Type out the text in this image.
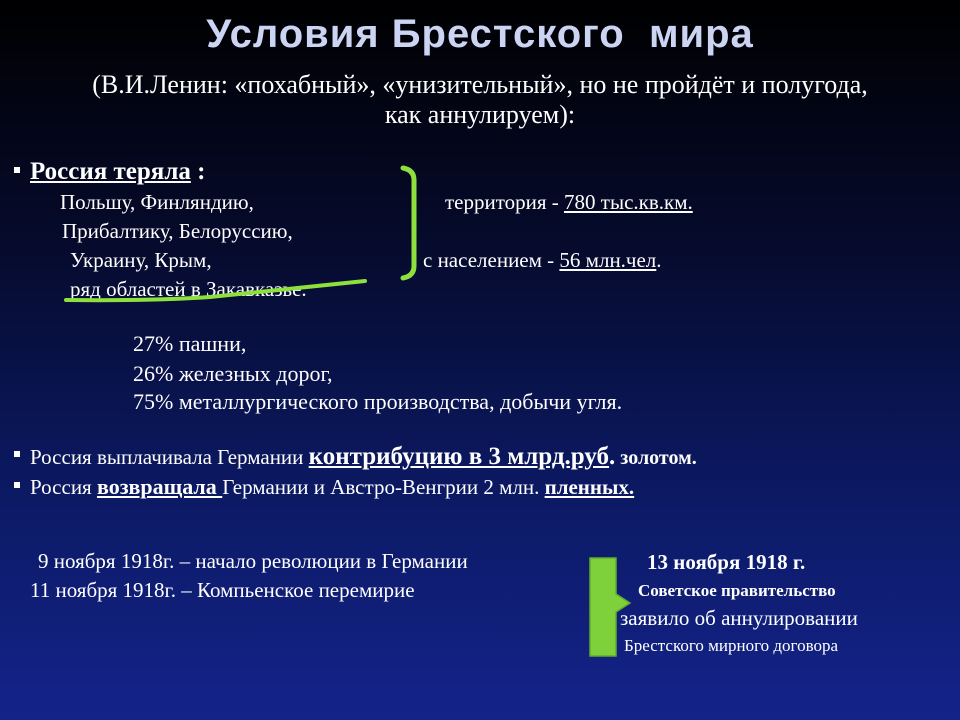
Условия Брестского  мира
(В.И.Ленин: «похабный», «унизительный», но не пройдёт и полугода,
как аннулируем):
Россия теряла :
Польшу, Финляндию,
Прибалтику, Белоруссию,
Украину, Крым,
ряд областей в Закавказье.
территория - 780 тыс.кв.км.
с населением - 56 млн.чел.
27% пашни,
26% железных дорог,
75% металлургического производства, добычи угля.
Россия выплачивала Германии контрибуцию в 3 млрд.руб. золотом.
Россия возвращала Германии и Австро-Венгрии 2 млн. пленных.
9 ноября 1918г. – начало революции в Германии
11 ноября 1918г. – Компьенское перемирие
13 ноября 1918 г.
Советское правительство
заявило об аннулировании
Брестского мирного договора
